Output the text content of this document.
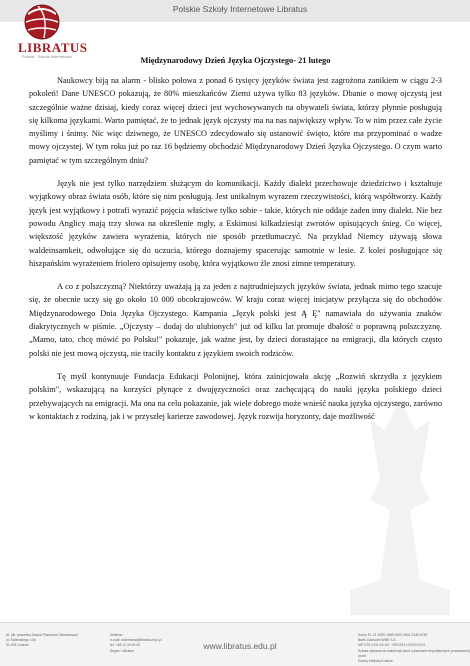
Polskie Szkoły Internetowe Libratus
LIBRATUS
Polska · Szkoła Internetowa	Międzynarodowy Dzień Języka Ojczystego- 21 lutego

Naukowcy biją na alarm - blisko połowa z ponad 6 tysięcy języków świata jest zagrożona zanikiem w ciągu 2-3 pokoleń! Dane UNESCO pokazują, że 80% mieszkańców Ziemi używa tylko 83 języków. Dbanie o mowę ojczystą jest szczególnie ważne dzisiaj, kiedy coraz więcej dzieci jest wychowywanych na obywateli świata, którzy płynnie posługują się kilkoma językami. Warto pamiętać, że to jednak język ojczysty ma na nas największy wpływ. To w nim przez całe życie myślimy i śnimy. Nic więc dziwnego, że UNESCO zdecydowało się ustanowić święto, które ma przypominać o wadze mowy ojczystej. W tym roku już po raz 16 będziemy obchodzić Międzynarodowy Dzień Języka Ojczystego. O czym warto pamiętać w tym szczególnym dniu?

Język nie jest tylko narzędziem służącym do komunikacji. Każdy dialekt przechowuje dziedzictwo i kształtuje wyjątkowy obraz świata osób, które się nim posługują. Jest unikalnym wyrazem rzeczywistości, którą współtworzy. Każdy język jest wyjątkowy i potrafi wyrazić pojęcia właściwe tylko sobie - takie, których nie oddaje żaden inny dialekt. Nie bez powodu Anglicy mają trzy słowa na określenie mgły, a Eskimosi kilkadziesiąt zwrotów opisujących śnieg. Co więcej, większość języków zawiera wyrażenia, których nie sposób przetłumaczyć. Na przykład Niemcy używają słowa waldeinsamkeit, odwołujące się do uczucia, którego doznajemy spacerując samotnie w lesie. Z kolei posługujące się hiszpańskim wyrażeniem friolero opisujemy osobę, która wyjątkowo źle znosi zimne temperatury.

A co z polszczyzną? Niektórzy uważają ją za jeden z najtrudniejszych języków świata, jednak mimo tego szacuje się, że obecnie uczy się go około 10 000 obcokrajowców. W kraju coraz więcej inicjatyw przyłącza się do obchodów Międzynarodowego Dnia Języka Ojczystego. Kampania „Język polski jest Ą Ę" namawiała do używania znaków diakrytycznych w piśmie. „Ojczysty – dodaj do ulubionych" już od kilku lat promuje dbałość o poprawną polszczyznę. „Mamo, tato, chcę mówić po Polsku!" pokazuje, jak ważne jest, by dzieci dorastające na emigracji, dla których często polski nie jest mową ojczystą, nie traciły kontaktu z językiem swoich rodziców.

Tę myśl kontynuuje Fundacja Edukacji Polonijnej, która zainicjowała akcję „Rozwiń skrzydła z językiem polskim", wskazującą na korzyści płynące z dwujęzyczności oraz zachęcającą do nauki języka polskiego dzieci przebywających na emigracji. Ma ona na celu pokazanie, jak wiele dobrego może wnieść nauka języka ojczystego, zarówno w kontaktach z rodziną, jak i w przyszłej karierze zawodowej. Język rozwija horyzonty, daje możliwość

Al. płk. prawnika Zespół Placówek Oświatowych
ul. Sobieskiego 13b
31-931 Kraków
Infolinia:
e-mail: sekretariat@libratus.edu.pl
tel. +48 12 44 00 00
Skype: LIBratus	www.libratus.edu.pl
Konto PL 21 1090 1665 0000 0001 2345 6789
Bank Zachodni WBK S.A.
NIP 679-XXX-XX-XX · REGON 12XXXXXXX
Szkoła wpisana do ewidencji szkół i placówek niepublicznych prowadzonej przez
Gminę Miejską Kraków
